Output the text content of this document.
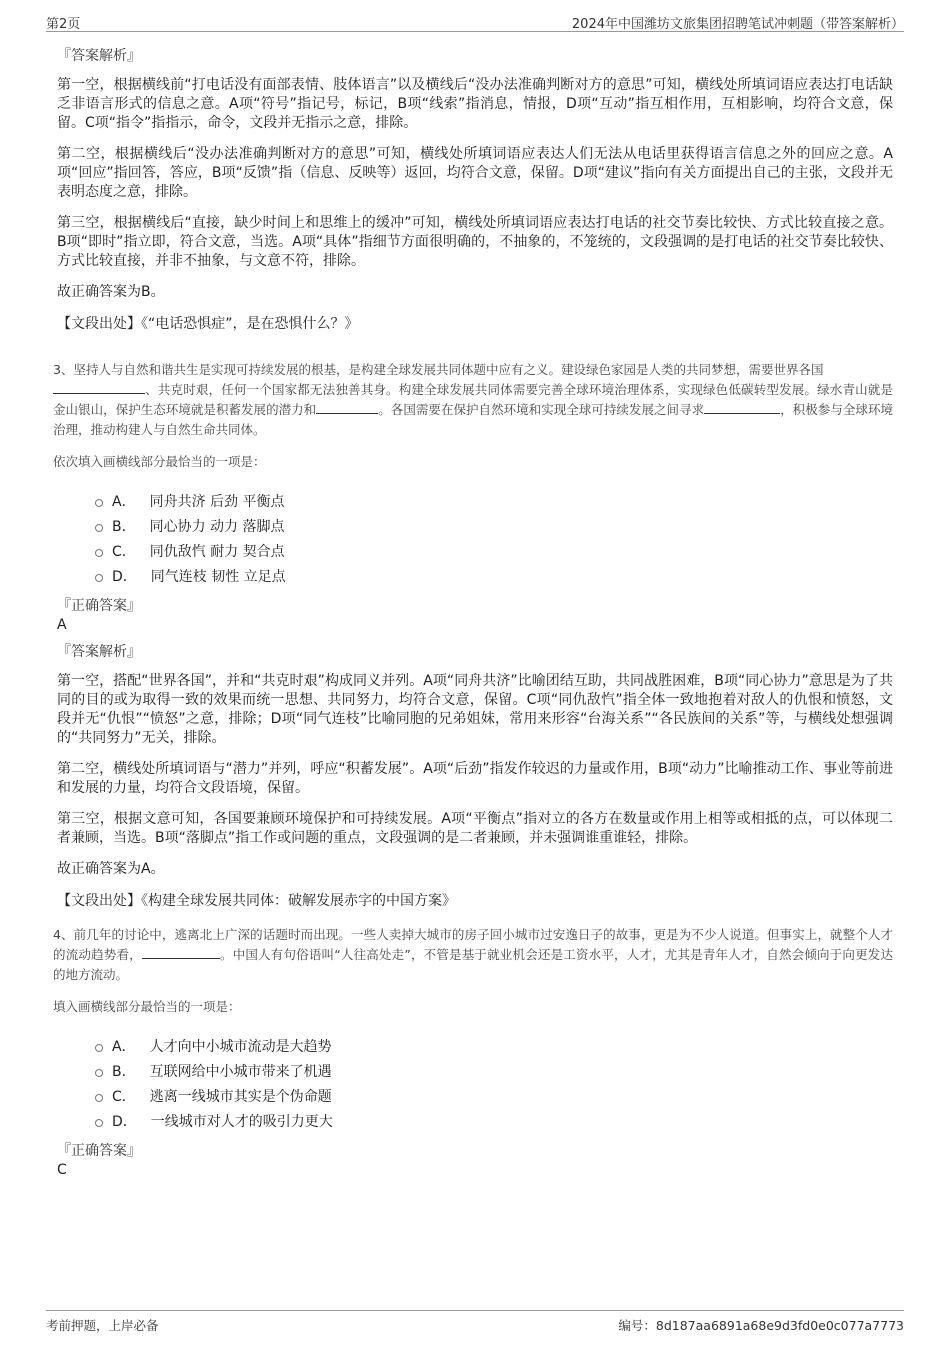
第2页	2024年中国潍坊文旅集团招聘笔试冲刺题（带答案解析）
『答案解析』

第一空，根据横线前“打电话没有面部表情、肢体语言”以及横线后“没办法准确判断对方的意思”可知，横线处所填词语应表达打电话缺乏非语言形式的信息之意。A项“符号”指记号，标记，B项“线索”指消息，情报，D项“互动”指互相作用，互相影响，均符合文意，保留。C项“指令”指指示，命令，文段并无指示之意，排除。

第二空，根据横线后“没办法准确判断对方的意思”可知，横线处所填词语应表达人们无法从电话里获得语言信息之外的回应之意。A项“回应”指回答，答应，B项“反馈”指（信息、反映等）返回，均符合文意，保留。D项“建议”指向有关方面提出自己的主张，文段并无表明态度之意，排除。

第三空，根据横线后“直接，缺少时间上和思维上的缓冲”可知，横线处所填词语应表达打电话的社交节奏比较快、方式比较直接之意。B项“即时”指立即，符合文意，当选。A项“具体”指细节方面很明确的，不抽象的，不笼统的，文段强调的是打电话的社交节奏比较快、方式比较直接，并非不抽象，与文意不符，排除。

故正确答案为B。

【文段出处】《“电话恐惧症”，是在恐惧什么？》

3、坚持人与自然和谐共生是实现可持续发展的根基，是构建全球发展共同体题中应有之义。建设绿色家园是人类的共同梦想，需要世界各国
、共克时艰，任何一个国家都无法独善其身。构建全球发展共同体需要完善全球环境治理体系，实现绿色低碳转型发展。绿水青山就是金山银山，保护生态环境就是积蓄发展的潜力和	。各国需要在保护自然环境和实现全球可持续发展之间寻求	，积极参与全球环境治理，推动构建人与自然生命共同体。

依次填入画横线部分最恰当的一项是：

A． 同舟共济 后劲 平衡点
B． 同心协力 动力 落脚点
C． 同仇敌忾 耐力 契合点
D． 同气连枝 韧性 立足点
『正确答案』
A
『答案解析』

第一空，搭配“世界各国”，并和“共克时艰”构成同义并列。A项“同舟共济”比喻团结互助，共同战胜困难，B项“同心协力”意思是为了共同的目的或为取得一致的效果而统一思想、共同努力，均符合文意，保留。C项“同仇敌忾”指全体一致地抱着对敌人的仇恨和愤怒，文段并无“仇恨”“愤怒”之意，排除；D项“同气连枝”比喻同胞的兄弟姐妹，常用来形容“台海关系”“各民族间的关系”等，与横线处想强调的“共同努力”无关，排除。

第二空，横线处所填词语与“潜力”并列，呼应“积蓄发展”。A项“后劲”指发作较迟的力量或作用，B项“动力”比喻推动工作、事业等前进和发展的力量，均符合文段语境，保留。

第三空，根据文意可知，各国要兼顾环境保护和可持续发展。A项“平衡点”指对立的各方在数量或作用上相等或相抵的点，可以体现二者兼顾，当选。B项“落脚点”指工作或问题的重点，文段强调的是二者兼顾，并未强调谁重谁轻，排除。

故正确答案为A。

【文段出处】《构建全球发展共同体：破解发展赤字的中国方案》

4、前几年的讨论中，逃离北上广深的话题时而出现。一些人卖掉大城市的房子回小城市过安逸日子的故事，更是为不少人说道。但事实上，就整个人才的流动趋势看，	。中国人有句俗语叫“人往高处走”，不管是基于就业机会还是工资水平，人才，尤其是青年人才，自然会倾向于向更发达的地方流动。

填入画横线部分最恰当的一项是：

A． 人才向中小城市流动是大趋势
B． 互联网给中小城市带来了机遇
C． 逃离一线城市其实是个伪命题
D． 一线城市对人才的吸引力更大
『正确答案』
C
考前押题，上岸必备	编号：8d187aa6891a68e9d3fd0e0c077a7773
